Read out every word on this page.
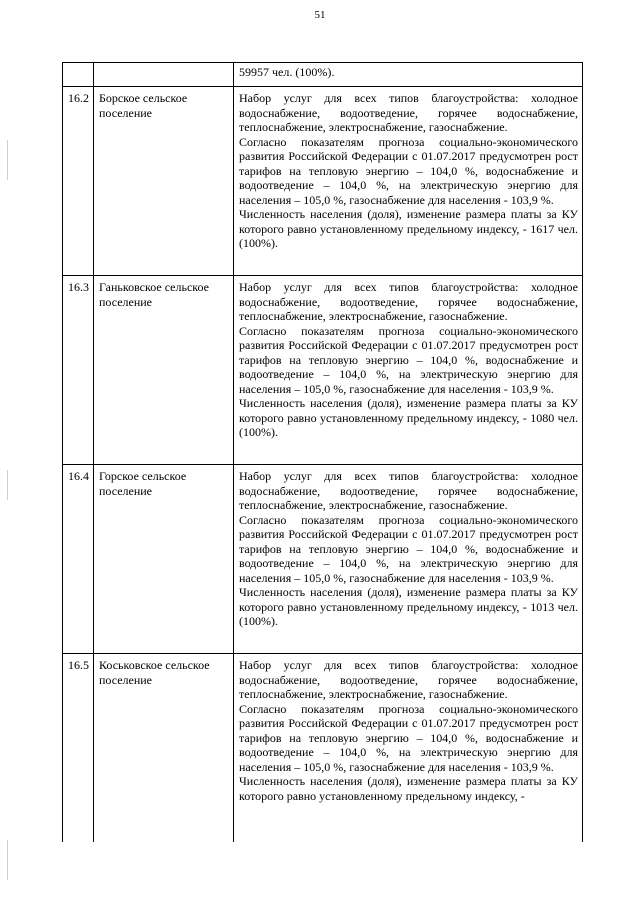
51

		59957 чел. (100%).

16.2	Борское сельское поселение	Набор услуг для всех типов благоустройства: холодное водоснабжение, водоотведение, горячее водоснабжение, теплоснабжение, электроснабжение, газоснабжение.

Согласно показателям прогноза социально-экономического развития Российской Федерации с 01.07.2017 предусмотрен рост тарифов на тепловую энергию – 104,0 %, водоснабжение и водоотведение – 104,0 %, на электрическую энергию для населения – 105,0 %, газоснабжение для населения - 103,9 %.

Численность населения (доля), изменение размера платы за КУ которого равно установленному предельному индексу, - 1617 чел. (100%).

16.3	Ганьковское сельское поселение	Набор услуг для всех типов благоустройства: холодное водоснабжение, водоотведение, горячее водоснабжение, теплоснабжение, электроснабжение, газоснабжение.

Согласно показателям прогноза социально-экономического развития Российской Федерации с 01.07.2017 предусмотрен рост тарифов на тепловую энергию – 104,0 %, водоснабжение и водоотведение – 104,0 %, на электрическую энергию для населения – 105,0 %, газоснабжение для населения - 103,9 %.

Численность населения (доля), изменение размера платы за КУ которого равно установленному предельному индексу, - 1080 чел. (100%).

16.4	Горское сельское поселение	Набор услуг для всех типов благоустройства: холодное водоснабжение, водоотведение, горячее водоснабжение, теплоснабжение, электроснабжение, газоснабжение.

Согласно показателям прогноза социально-экономического развития Российской Федерации с 01.07.2017 предусмотрен рост тарифов на тепловую энергию – 104,0 %, водоснабжение и водоотведение – 104,0 %, на электрическую энергию для населения – 105,0 %, газоснабжение для населения - 103,9 %.

Численность населения (доля), изменение размера платы за КУ которого равно установленному предельному индексу, - 1013 чел. (100%).

16.5	Коськовское сельское поселение	Набор услуг для всех типов благоустройства: холодное водоснабжение, водоотведение, горячее водоснабжение, теплоснабжение, электроснабжение, газоснабжение.

Согласно показателям прогноза социально-экономического развития Российской Федерации с 01.07.2017 предусмотрен рост тарифов на тепловую энергию – 104,0 %, водоснабжение и водоотведение – 104,0 %, на электрическую энергию для населения – 105,0 %, газоснабжение для населения - 103,9 %.

Численность населения (доля), изменение размера платы за КУ которого равно установленному предельному индексу, -
